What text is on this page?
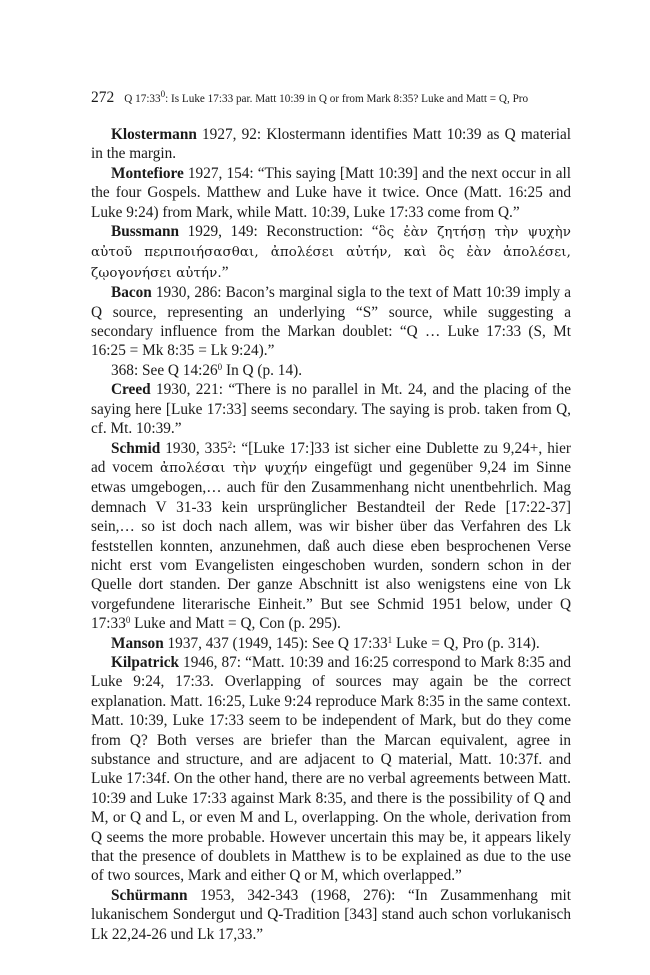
272 Q $17:33^0$: Is Luke 17:33 par. Matt 10:39 in Q or from Mark 8:35? Luke and Matt = Q, Pro

Klostermann 1927, 92: Klostermann identifies Matt 10:39 as Q material in the margin.

Montefiore 1927, 154: “This saying [Matt 10:39] and the next occur in all the four Gospels. Matthew and Luke have it twice. Once (Matt. 16:25 and Luke 9:24) from Mark, while Matt. 10:39, Luke 17:33 come from Q.”

Bussmann 1929, 149: Reconstruction: “ὃς ἐὰν ζητήσῃ τὴν ψυχὴν αὐτοῦ περιποιήσασθαι, ἀπολέσει αὐτήν, καὶ ὃς ἐὰν ἀπολέσει, ζῳογονήσει αὐτήν.”

Bacon 1930, 286: Bacon’s marginal sigla to the text of Matt 10:39 imply a Q source, representing an underlying “S” source, while suggesting a secondary influence from the Markan doublet: “Q … Luke 17:33 (S, Mt 16:25 = Mk 8:35 = Lk 9:24).”

368: See Q $14:26^0$ In Q (p. 14).

Creed 1930, 221: “There is no parallel in Mt. 24, and the placing of the saying here [Luke 17:33] seems secondary. The saying is prob. taken from Q, cf. Mt. 10:39.”

Schmid 1930, $335^2$: “[Luke 17:]33 ist sicher eine Dublette zu 9,24+, hier ad vocem ἀπολέσαι τὴν ψυχήν eingefügt und gegenüber 9,24 im Sinne etwas umgebogen,… auch für den Zusammenhang nicht unentbehrlich. Mag demnach V 31-33 kein ursprünglicher Bestandteil der Rede [17:22-37] sein,… so ist doch nach allem, was wir bisher über das Verfahren des Lk feststellen konnten, anzunehmen, daß auch diese eben besprochenen Verse nicht erst vom Evangelisten eingeschoben wurden, sondern schon in der Quelle dort standen. Der ganze Abschnitt ist also wenigstens eine von Lk vorgefundene literarische Einheit.” But see Schmid 1951 below, under Q $17:33^0$ Luke and Matt = Q, Con (p. 295).

Manson 1937, 437 (1949, 145): See Q $17:33^1$ Luke = Q, Pro (p. 314).

Kilpatrick 1946, 87: “Matt. 10:39 and 16:25 correspond to Mark 8:35 and Luke 9:24, 17:33. Overlapping of sources may again be the correct explanation. Matt. 16:25, Luke 9:24 reproduce Mark 8:35 in the same context. Matt. 10:39, Luke 17:33 seem to be independent of Mark, but do they come from Q? Both verses are briefer than the Marcan equivalent, agree in substance and structure, and are adjacent to Q material, Matt. 10:37f. and Luke 17:34f. On the other hand, there are no verbal agreements between Matt. 10:39 and Luke 17:33 against Mark 8:35, and there is the possibility of Q and M, or Q and L, or even M and L, overlapping. On the whole, derivation from Q seems the more probable. However uncertain this may be, it appears likely that the presence of doublets in Matthew is to be explained as due to the use of two sources, Mark and either Q or M, which overlapped.”

Schürmann 1953, 342-343 (1968, 276): “In Zusammenhang mit lukanischem Sondergut und Q-Tradition [343] stand auch schon vorlukanisch Lk 22,24-26 und Lk 17,33.”
